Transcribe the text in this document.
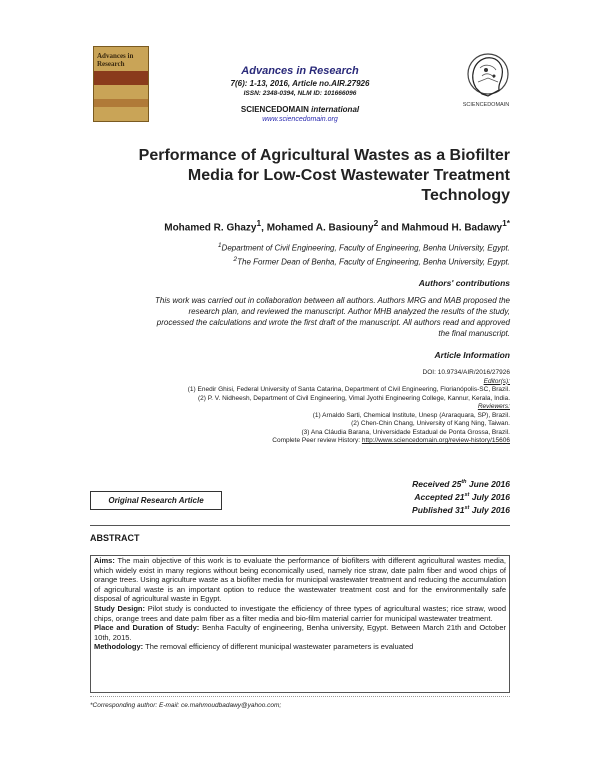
Advances in Research
Advances in Research
7(6): 1-13, 2016, Article no.AIR.27926
ISSN: 2348-0394, NLM ID: 101666096
SCIENCEDOMAIN international
www.sciencedomain.org
SCIENCEDOMAIN
Performance of Agricultural Wastes as a Biofilter
Media for Low-Cost Wastewater Treatment
Technology
Mohamed R. Ghazy$^1$, Mohamed A. Basiouny$^2$ and Mahmoud H. Badawy$^{1*}$
$^1$Department of Civil Engineering, Faculty of Engineering, Benha University, Egypt.
$^2$The Former Dean of Benha, Faculty of Engineering, Benha University, Egypt.
Authors' contributions
This work was carried out in collaboration between all authors. Authors MRG and MAB proposed the
research plan, and reviewed the manuscript. Author MHB analyzed the results of the study,
processed the calculations and wrote the first draft of the manuscript. All authors read and approved
the final manuscript.
Article Information
DOI: 10.9734/AIR/2016/27926
Editor(s):
(1) Enedir Ghisi, Federal University of Santa Catarina, Department of Civil Engineering, Florianópolis-SC, Brazil.
(2) P. V. Nidheesh, Department of Civil Engineering, Vimal Jyothi Engineering College, Kannur, Kerala, India.
Reviewers:
(1) Arnaldo Sarti, Chemical Institute, Unesp (Araraquara, SP), Brazil.
(2) Chen-Chin Chang, University of Kang Ning, Taiwan.
(3) Ana Cláudia Barana, Universidade Estadual de Ponta Grossa, Brazil.
Complete Peer review History: http://www.sciencedomain.org/review-history/15606
Original Research Article
Received 25th June 2016
Accepted 21st July 2016
Published 31st July 2016
ABSTRACT

Aims: The main objective of this work is to evaluate the performance of biofilters with different agricultural wastes media, which widely exist in many regions without being economically used, namely rice straw, date palm fiber and wood chips of orange trees. Using agriculture waste as a biofilter media for municipal wastewater treatment and reducing the accumulation of agricultural waste is an important option to reduce the wastewater treatment cost and for the environmentally safe disposal of agricultural waste in Egypt.

Study Design: Pilot study is conducted to investigate the efficiency of three types of agricultural wastes; rice straw, wood chips, orange trees and date palm fiber as a filter media and bio-film material carrier for municipal wastewater treatment.

Place and Duration of Study: Benha Faculty of engineering, Benha university, Egypt. Between March 21th and October 10th, 2015.

Methodology: The removal efficiency of different municipal wastewater parameters is evaluated

*Corresponding author: E-mail: ce.mahmoudbadawy@yahoo.com;
